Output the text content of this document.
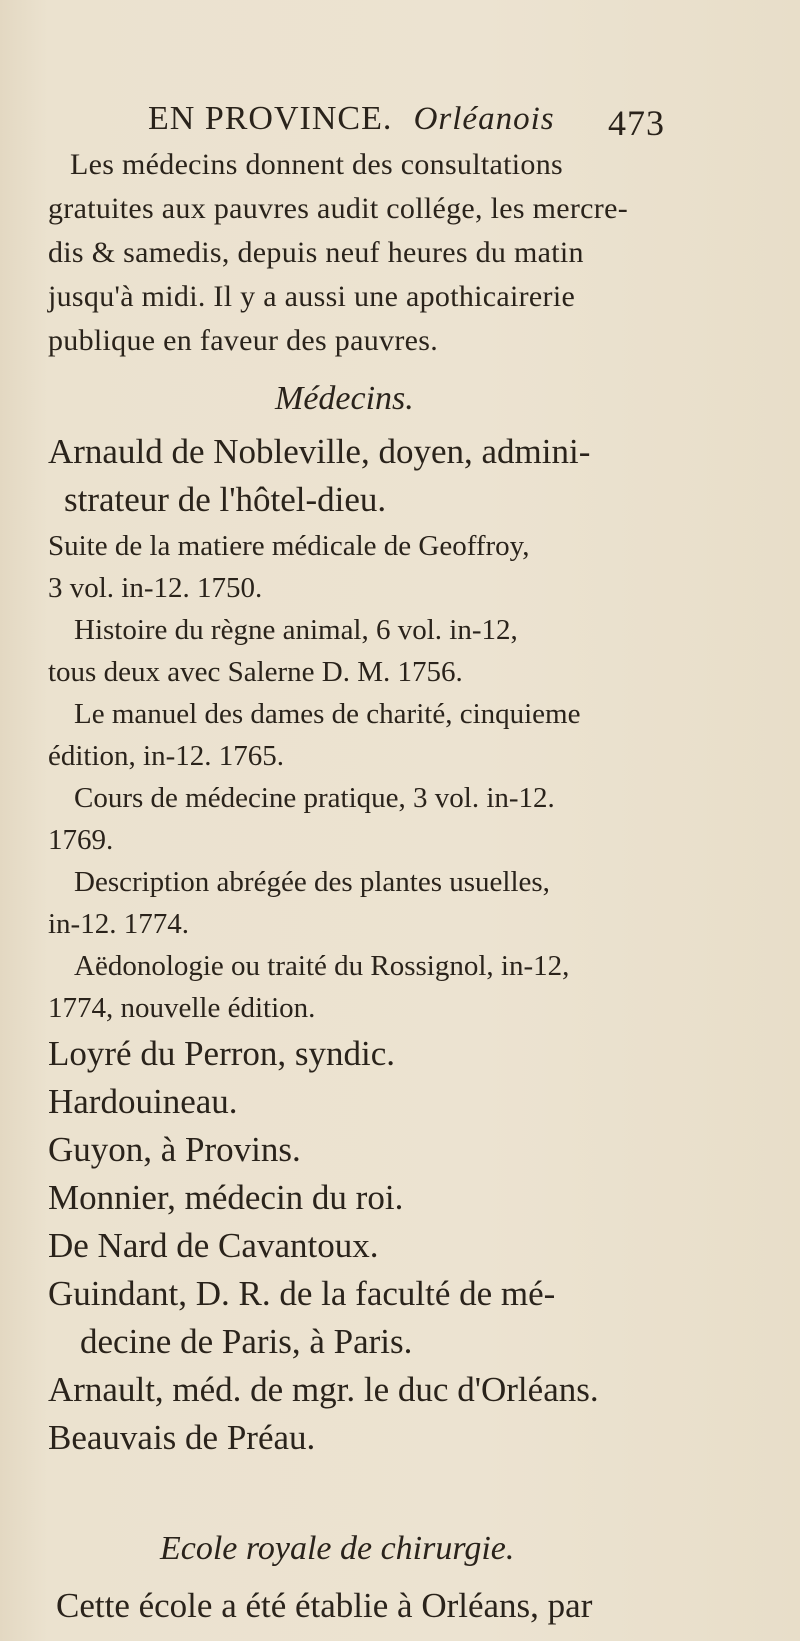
EN PROVINCE. Orléanois 473
Les médecins donnent des consultations
gratuites aux pauvres audit collége, les mercre-
dis & samedis, depuis neuf heures du matin
jusqu'à midi. Il y a aussi une apothicairerie
publique en faveur des pauvres.
Médecins.
Arnauld de Nobleville, doyen, admini-
strateur de l'hôtel-dieu.
Suite de la matiere médicale de Geoffroy,
3 vol. in-12. 1750.
Histoire du règne animal, 6 vol. in-12,
tous deux avec Salerne D. M. 1756.
Le manuel des dames de charité, cinquieme
édition, in-12. 1765.
Cours de médecine pratique, 3 vol. in-12.
1769.
Description abrégée des plantes usuelles,
in-12. 1774.
Aëdonologie ou traité du Rossignol, in-12,
1774, nouvelle édition.
Loyré du Perron, syndic.
Hardouineau.
Guyon, à Provins.
Monnier, médecin du roi.
De Nard de Cavantoux.
Guindant, D. R. de la faculté de mé-
decine de Paris, à Paris.
Arnault, méd. de mgr. le duc d'Orléans.
Beauvais de Préau.
Ecole royale de chirurgie.
Cette école a été établie à Orléans, par
